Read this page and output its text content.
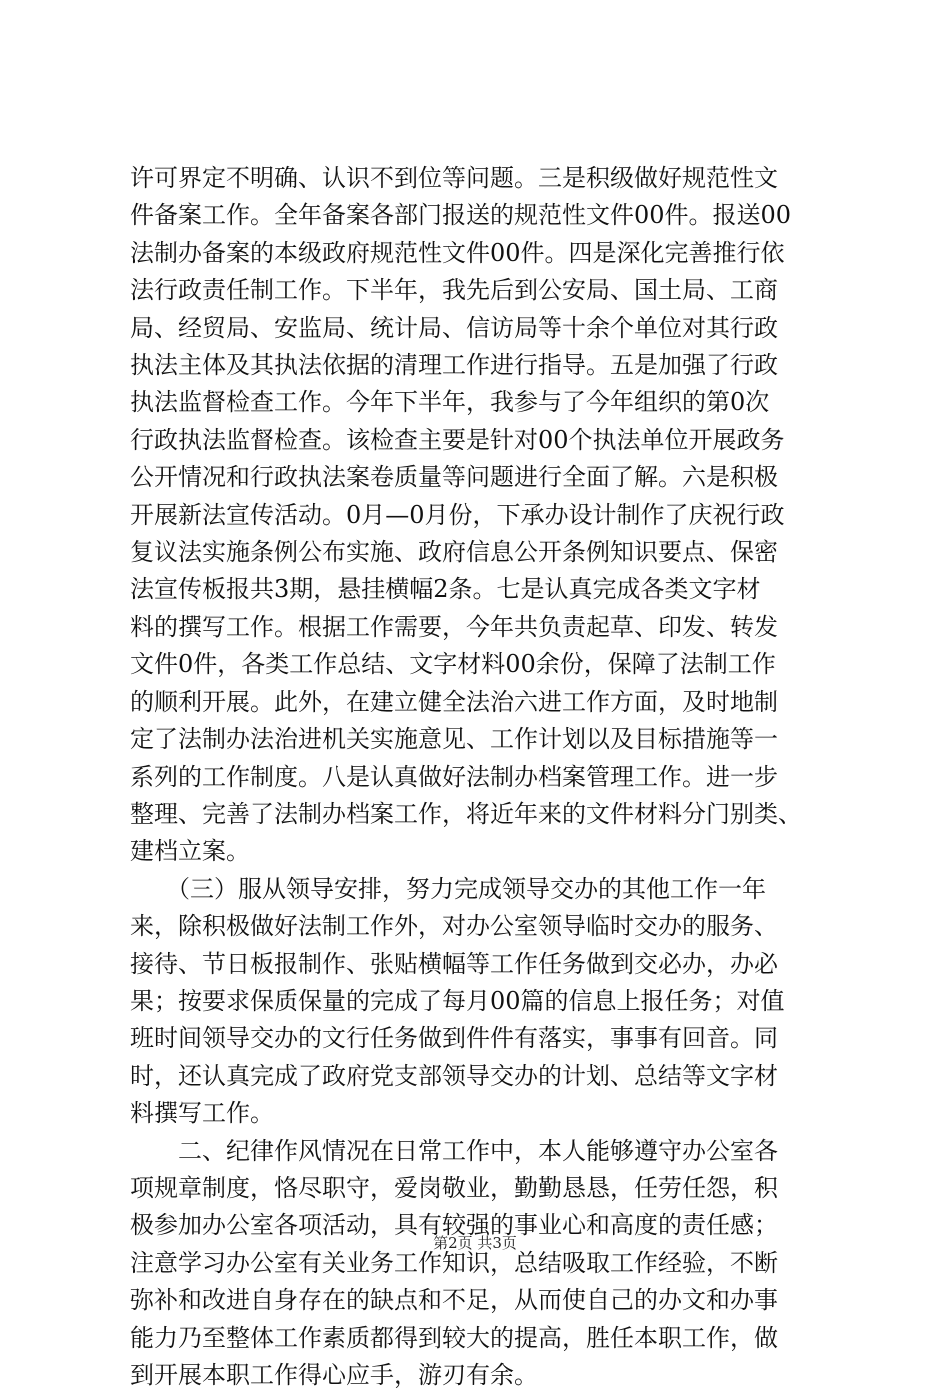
许可界定不明确、认识不到位等问题。三是积级做好规范性文
件备案工作。全年备案各部门报送的规范性文件00件。报送00
法制办备案的本级政府规范性文件00件。四是深化完善推行依
法行政责任制工作。下半年，我先后到公安局、国土局、工商
局、经贸局、安监局、统计局、信访局等十余个单位对其行政
执法主体及其执法依据的清理工作进行指导。五是加强了行政
执法监督检查工作。今年下半年，我参与了今年组织的第0次
行政执法监督检查。该检查主要是针对00个执法单位开展政务
公开情况和行政执法案卷质量等问题进行全面了解。六是积极
开展新法宣传活动。0月—0月份，下承办设计制作了庆祝行政
复议法实施条例公布实施、政府信息公开条例知识要点、保密
法宣传板报共3期，悬挂横幅2条。七是认真完成各类文字材
料的撰写工作。根据工作需要，今年共负责起草、印发、转发
文件0件，各类工作总结、文字材料00余份，保障了法制工作
的顺利开展。此外，在建立健全法治六进工作方面，及时地制
定了法制办法治进机关实施意见、工作计划以及目标措施等一
系列的工作制度。八是认真做好法制办档案管理工作。进一步
整理、完善了法制办档案工作，将近年来的文件材料分门别类、
建档立案。

　　（三）服从领导安排，努力完成领导交办的其他工作一年
来，除积极做好法制工作外，对办公室领导临时交办的服务、
接待、节日板报制作、张贴横幅等工作任务做到交必办，办必
果；按要求保质保量的完成了每月00篇的信息上报任务；对值
班时间领导交办的文行任务做到件件有落实，事事有回音。同
时，还认真完成了政府党支部领导交办的计划、总结等文字材
料撰写工作。

　　二、纪律作风情况在日常工作中，本人能够遵守办公室各
项规章制度，恪尽职守，爱岗敬业，勤勤恳恳，任劳任怨，积
极参加办公室各项活动，具有较强的事业心和高度的责任感；
注意学习办公室有关业务工作知识，总结吸取工作经验，不断
弥补和改进自身存在的缺点和不足，从而使自己的办文和办事
能力乃至整体工作素质都得到较大的提高，胜任本职工作，做
到开展本职工作得心应手，游刃有余。

第2页 共3页
